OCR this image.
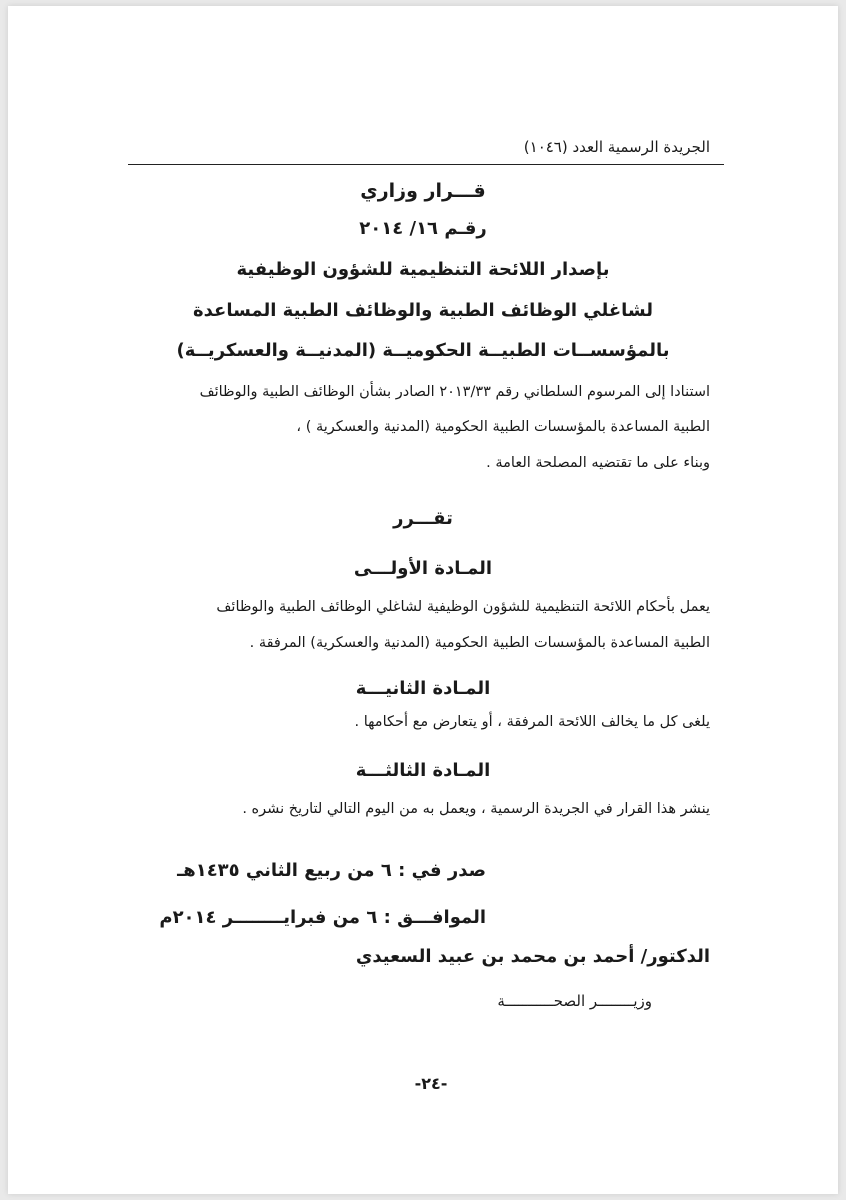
الجريدة الرسمية العدد (١٠٤٦)
قـــرار وزاري
رقـم ١٦/ ٢٠١٤
بإصدار اللائحة التنظيمية للشؤون الوظيفية
لشاغلي الوظائف الطبية والوظائف الطبية المساعدة
بالمؤسســات الطبيــة الحكوميــة (المدنيــة والعسكريــة)
استنادا إلى المرسوم السلطاني رقم ٢٠١٣/٣٣ الصادر بشأن الوظائف الطبية والوظائف
الطبية المساعدة بالمؤسسات الطبية الحكومية (المدنية والعسكرية ) ،
وبناء على ما تقتضيه المصلحة العامة .
تقـــرر
المـادة الأولـــى
يعمل بأحكام اللائحة التنظيمية للشؤون الوظيفية لشاغلي الوظائف الطبية والوظائف
الطبية المساعدة بالمؤسسات الطبية الحكومية (المدنية والعسكرية) المرفقة .
المـادة الثانيـــة
يلغى كل ما يخالف اللائحة المرفقة ، أو يتعارض مع أحكامها .
المـادة الثالثـــة
ينشر هذا القرار في الجريدة الرسمية ، ويعمل به من اليوم التالي لتاريخ نشره .
صدر في : ٦ من ربيع الثاني ١٤٣٥هـ
الموافـــق : ٦ من فبرايــــــــر ٢٠١٤م
الدكتور/ أحمد بن محمد بن عبيد السعيدي
وزيــــــــر الصحـــــــــــة
-٢٤-
